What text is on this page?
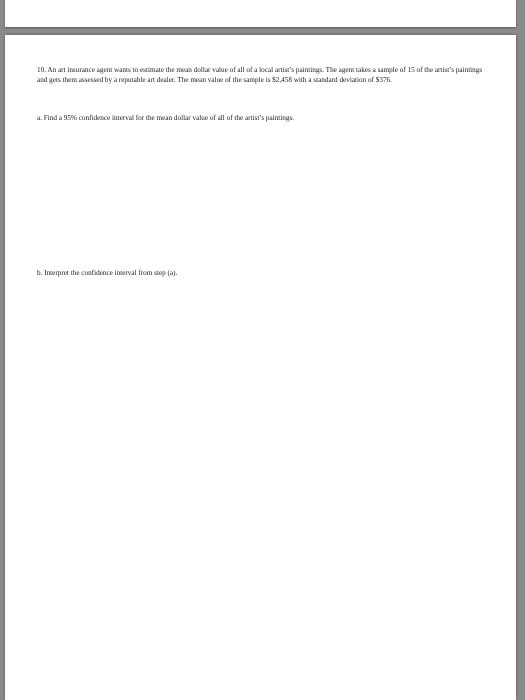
10. An art insurance agent wants to estimate the mean dollar value of all of a local artist’s paintings. The agent takes a sample of 15 of the artist’s paintings and gets them assessed by a reputable art dealer. The mean value of the sample is $2,458 with a standard deviation of $376.

a. Find a 95% confidence interval for the mean dollar value of all of the artist’s paintings.

b. Interpret the confidence interval from step (a).
